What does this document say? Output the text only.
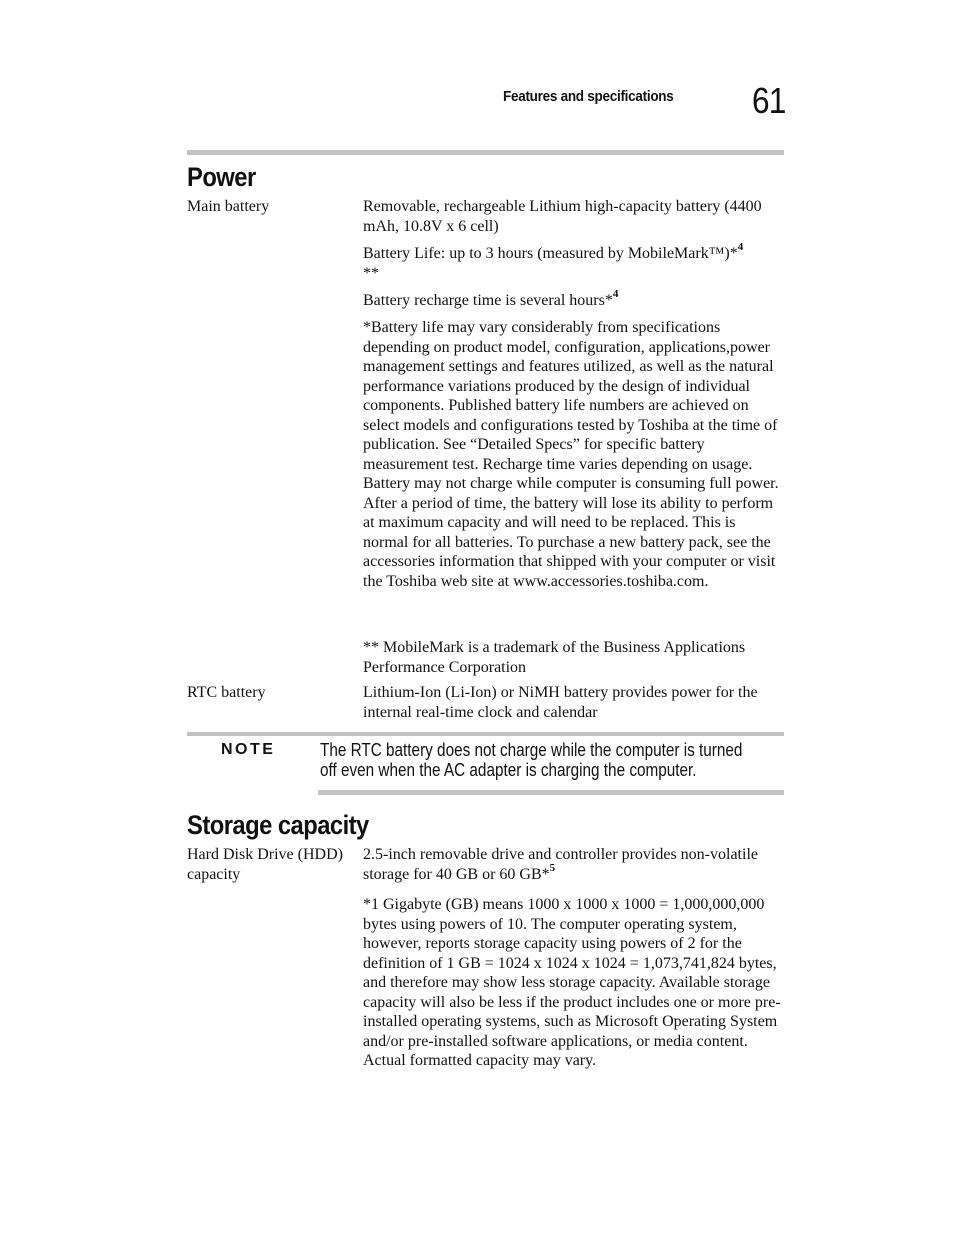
Features and specifications 61
Power
Main battery	Removable, rechargeable Lithium high-capacity battery (4400 mAh, 10.8V x 6 cell)
Battery Life: up to 3 hours (measured by MobileMark™)*$^4$
**
Battery recharge time is several hours*$^4$
*Battery life may vary considerably from specifications depending on product model, configuration, applications,power management settings and features utilized, as well as the natural performance variations produced by the design of individual components. Published battery life numbers are achieved on select models and configurations tested by Toshiba at the time of publication. See “Detailed Specs” for specific battery measurement test. Recharge time varies depending on usage. Battery may not charge while computer is consuming full power. After a period of time, the battery will lose its ability to perform at maximum capacity and will need to be replaced. This is normal for all batteries. To purchase a new battery pack, see the accessories information that shipped with your computer or visit the Toshiba web site at www.accessories.toshiba.com.
** MobileMark is a trademark of the Business Applications Performance Corporation
RTC battery	Lithium-Ion (Li-Ion) or NiMH battery provides power for the internal real-time clock and calendar
NOTE The RTC battery does not charge while the computer is turned off even when the AC adapter is charging the computer.
Storage capacity
Hard Disk Drive (HDD) capacity
2.5-inch removable drive and controller provides non-volatile storage for 40 GB or 60 GB*$^5$
*1 Gigabyte (GB) means 1000 x 1000 x 1000 = 1,000,000,000 bytes using powers of 10. The computer operating system, however, reports storage capacity using powers of 2 for the definition of 1 GB = 1024 x 1024 x 1024 = 1,073,741,824 bytes, and therefore may show less storage capacity. Available storage capacity will also be less if the product includes one or more pre-installed operating systems, such as Microsoft Operating System and/or pre-installed software applications, or media content. Actual formatted capacity may vary.
